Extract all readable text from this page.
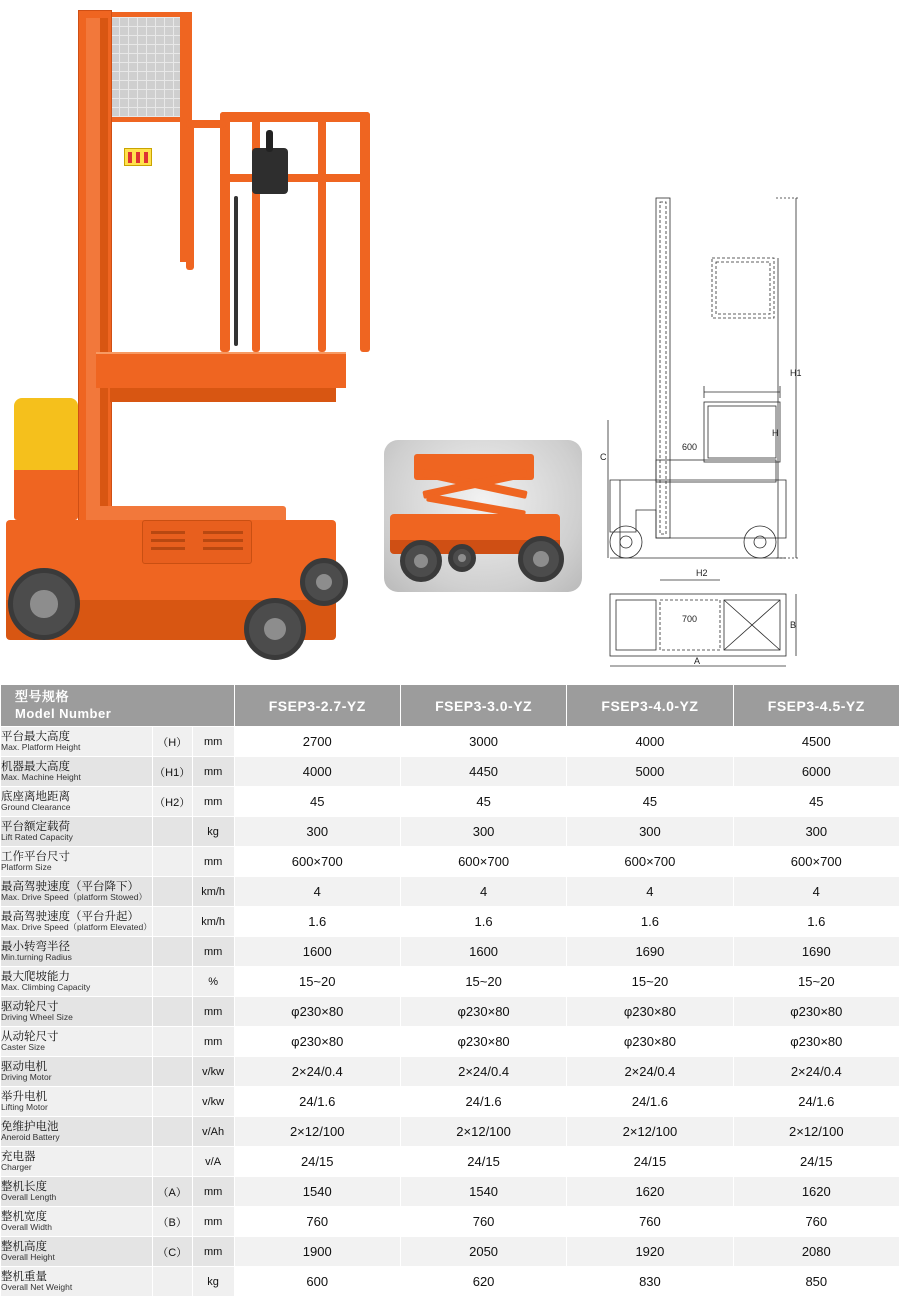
H1
H
C
H2
600
700
A
B
型号规格
Model Number			FSEP3-2.7-YZ	FSEP3-3.0-YZ	FSEP3-4.0-YZ	FSEP3-4.5-YZ

平台最大高度
Max. Platform Height	（H）	mm	2700	3000	4000	4500

机器最大高度
Max. Machine Height	（H1）	mm	4000	4450	5000	6000

底座离地距离
Ground Clearance	（H2）	mm	45	45	45	45

平台额定载荷
Lift Rated Capacity		kg	300	300	300	300

工作平台尺寸
Platform Size		mm	600×700	600×700	600×700	600×700

最高驾驶速度（平台降下）
Max. Drive Speed（platform Stowed）		km/h	4	4	4	4

最高驾驶速度（平台升起）
Max. Drive Speed（platform Elevated）		km/h	1.6	1.6	1.6	1.6

最小转弯半径
Min.turning Radius		mm	1600	1600	1690	1690

最大爬坡能力
Max. Climbing Capacity		%	15~20	15~20	15~20	15~20

驱动轮尺寸
Driving Wheel Size		mm	φ230×80	φ230×80	φ230×80	φ230×80

从动轮尺寸
Caster Size		mm	φ230×80	φ230×80	φ230×80	φ230×80

驱动电机
Driving Motor		v/kw	2×24/0.4	2×24/0.4	2×24/0.4	2×24/0.4

举升电机
Lifting Motor		v/kw	24/1.6	24/1.6	24/1.6	24/1.6

免维护电池
Aneroid Battery		v/Ah	2×12/100	2×12/100	2×12/100	2×12/100

充电器
Charger		v/A	24/15	24/15	24/15	24/15

整机长度
Overall Length	（A）	mm	1540	1540	1620	1620

整机宽度
Overall Width	（B）	mm	760	760	760	760

整机高度
Overall Height	（C）	mm	1900	2050	1920	2080

整机重量
Overall Net Weight		kg	600	620	830	850
